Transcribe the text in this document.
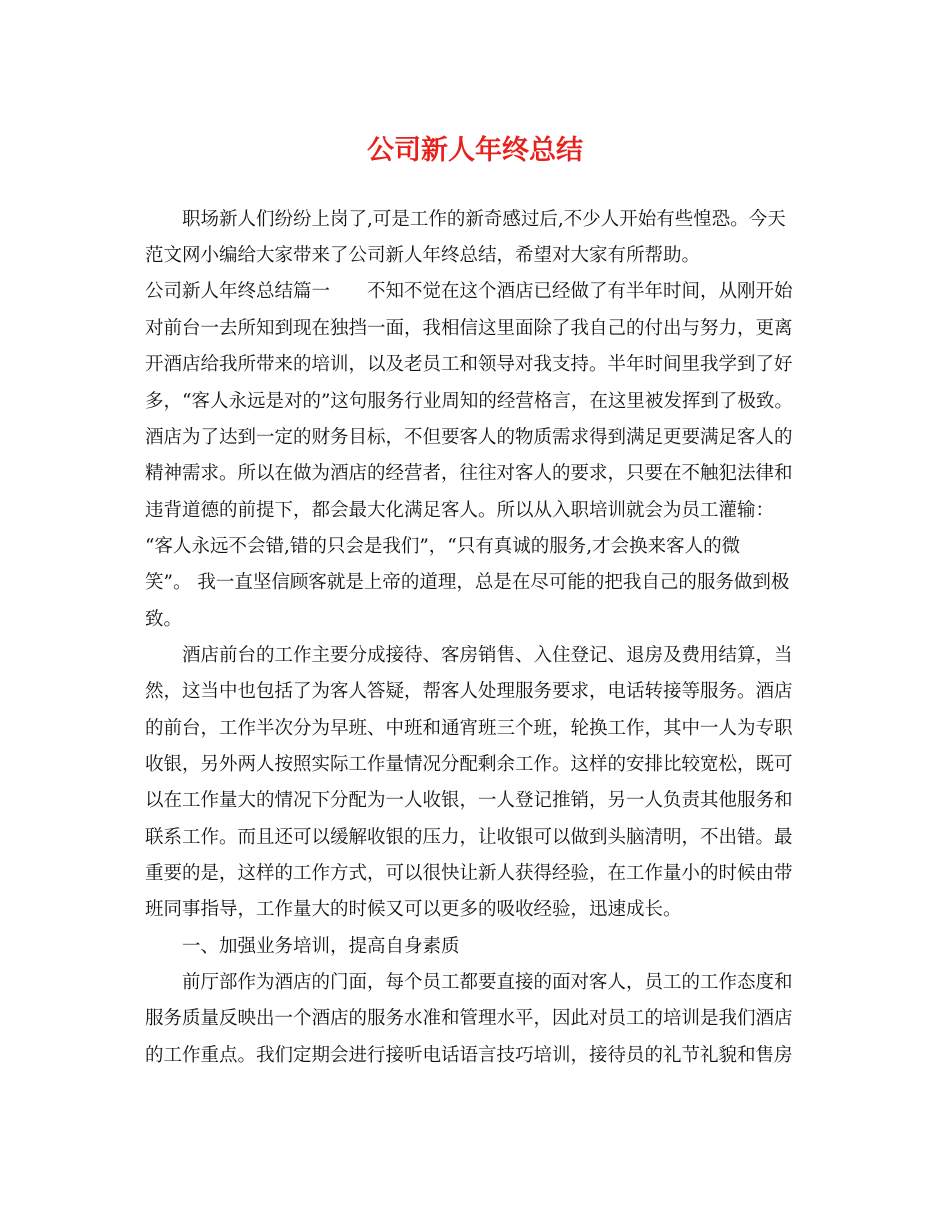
公司新人年终总结

职场新人们纷纷上岗了,可是工作的新奇感过后,不少人开始有些惶恐。今天

范文网小编给大家带来了公司新人年终总结，希望对大家有所帮助。

公司新人年终总结篇一　　不知不觉在这个酒店已经做了有半年时间，从刚开始

对前台一去所知到现在独挡一面，我相信这里面除了我自己的付出与努力，更离

开酒店给我所带来的培训，以及老员工和领导对我支持。半年时间里我学到了好

多，“客人永远是对的”这句服务行业周知的经营格言，在这里被发挥到了极致。

酒店为了达到一定的财务目标，不但要客人的物质需求得到满足更要满足客人的

精神需求。所以在做为酒店的经营者，往往对客人的要求，只要在不触犯法律和

违背道德的前提下，都会最大化满足客人。所以从入职培训就会为员工灌输：

“客人永远不会错,错的只会是我们”，“只有真诚的服务,才会换来客人的微

笑”。 我一直坚信顾客就是上帝的道理，总是在尽可能的把我自己的服务做到极

致。

酒店前台的工作主要分成接待、客房销售、入住登记、退房及费用结算，当

然，这当中也包括了为客人答疑，帮客人处理服务要求，电话转接等服务。酒店

的前台，工作半次分为早班、中班和通宵班三个班，轮换工作，其中一人为专职

收银，另外两人按照实际工作量情况分配剩余工作。这样的安排比较宽松，既可

以在工作量大的情况下分配为一人收银，一人登记推销，另一人负责其他服务和

联系工作。而且还可以缓解收银的压力，让收银可以做到头脑清明，不出错。最

重要的是，这样的工作方式，可以很快让新人获得经验，在工作量小的时候由带

班同事指导，工作量大的时候又可以更多的吸收经验，迅速成长。

一、加强业务培训，提高自身素质

前厅部作为酒店的门面，每个员工都要直接的面对客人，员工的工作态度和

服务质量反映出一个酒店的服务水准和管理水平，因此对员工的培训是我们酒店

的工作重点。我们定期会进行接听电话语言技巧培训，接待员的礼节礼貌和售房
